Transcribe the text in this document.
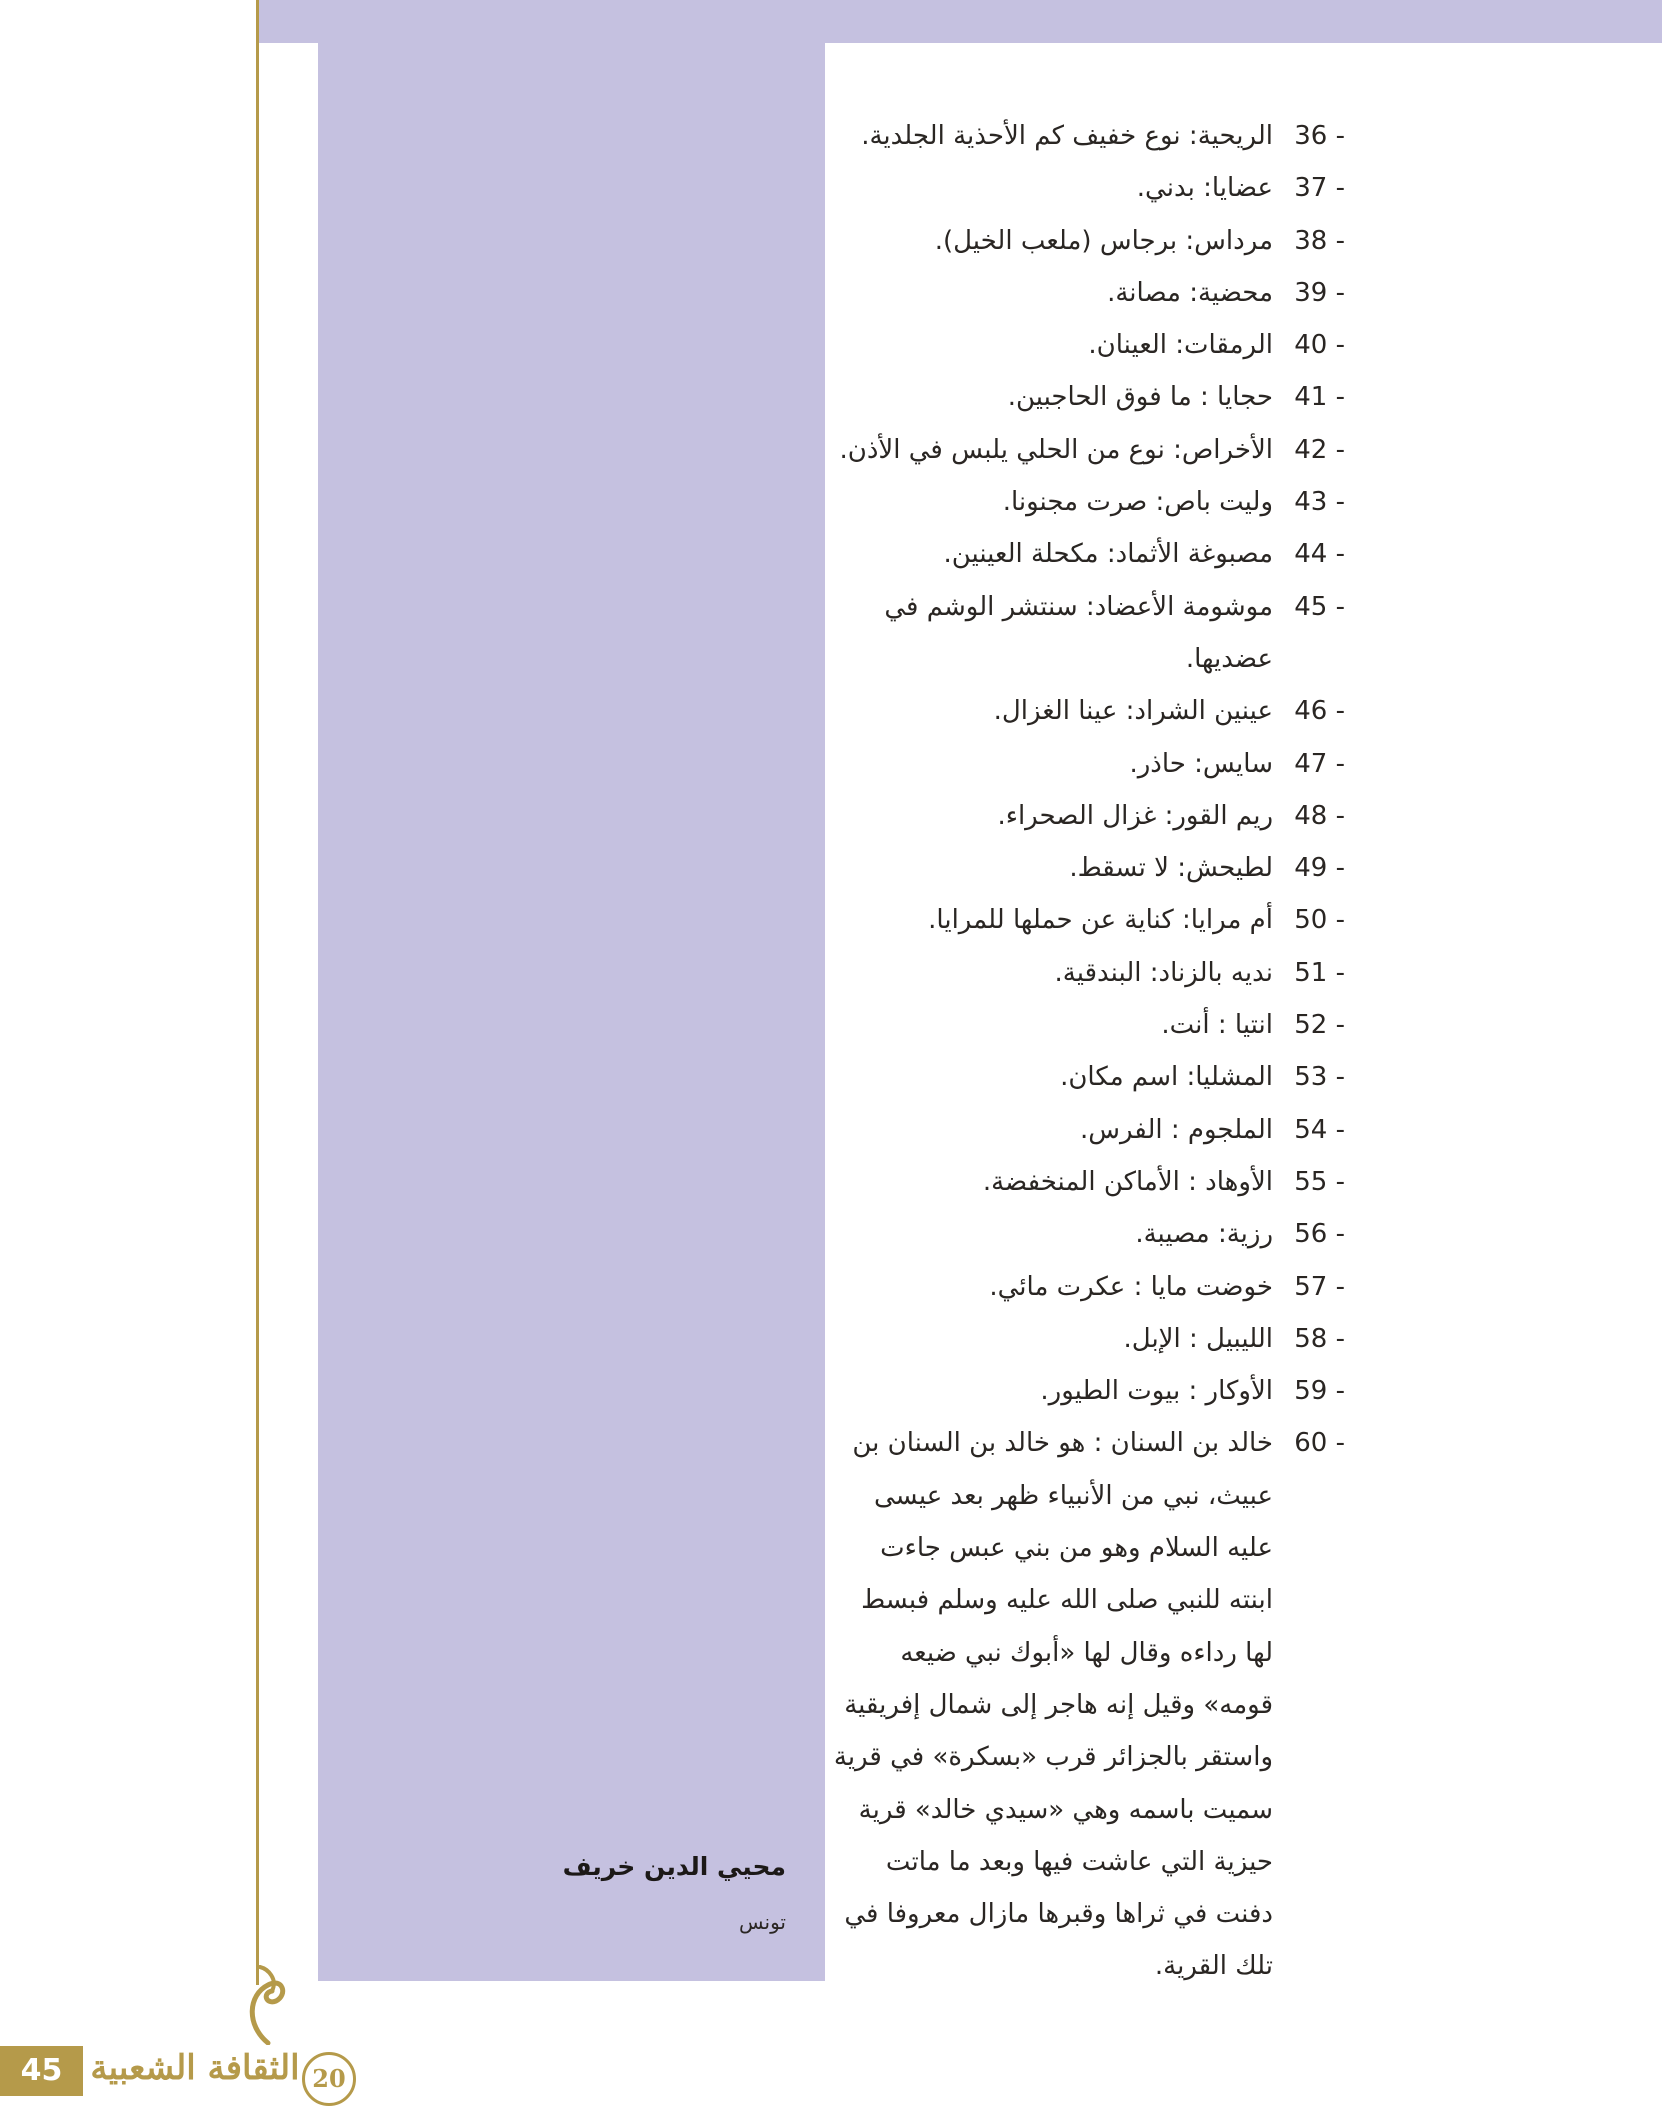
36 -
الريحية: نوع خفيف كم الأحذية الجلدية.
37 -
عضايا: بدني.
38 -
مرداس: برجاس (ملعب الخيل).
39 -
محضية: مصانة.
40 -
الرمقات: العينان.
41 -
حجايا : ما فوق الحاجبين.
42 -
الأخراص: نوع من الحلي يلبس في الأذن.
43 -
وليت باص: صرت مجنونا.
44 -
مصبوغة الأثماد: مكحلة العينين.
45 -
موشومة الأعضاد: سنتشر الوشم في عضديها.
46 -
عينين الشراد: عينا الغزال.
47 -
سايس: حاذر.
48 -
ريم القور: غزال الصحراء.
49 -
لطيحش: لا تسقط.
50 -
أم مرايا: كناية عن حملها للمرايا.
51 -
نديه بالزناد: البندقية.
52 -
انتيا : أنت.
53 -
المشليا: اسم مكان.
54 -
الملجوم : الفرس.
55 -
الأوهاد : الأماكن المنخفضة.
56 -
رزية: مصيبة.
57 -
خوضت مايا : عكرت مائي.
58 -
الليبيل : الإبل.
59 -
الأوكار : بيوت الطيور.
60 -
خالد بن السنان : هو خالد بن السنان بن عبيث، نبي من الأنبياء ظهر بعد عيسى عليه السلام وهو من بني عبس جاءت ابنته للنبي صلى الله عليه وسلم فبسط لها رداءه وقال لها «أبوك نبي ضيعه قومه» وقيل إنه هاجر إلى شمال إفريقية واستقر بالجزائر قرب «بسكرة» في قرية سميت باسمه وهي «سيدي خالد» قرية حيزية التي عاشت فيها وبعد ما ماتت دفنت في ثراها وقبرها مازال معروفا في تلك القرية.
محيي الدين خريف
تونس
45 الثقافة الشعبية 20
